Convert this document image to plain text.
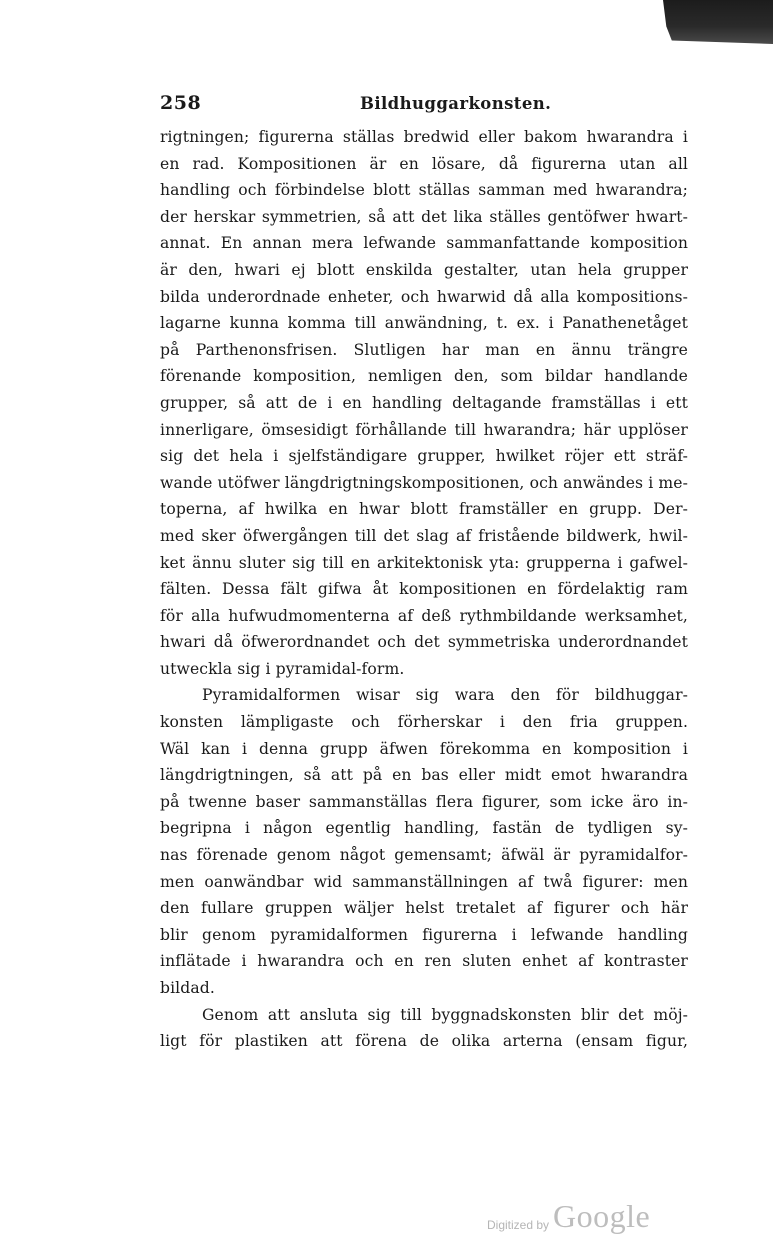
258	Bildhuggarkonsten.
rigtningen; figurerna ställas bredwid eller bakom hwarandra i
en rad. Kompositionen är en lösare, då figurerna utan all
handling och förbindelse blott ställas samman med hwarandra;
der herskar symmetrien, så att det lika ställes gentöfwer hwart-
annat. En annan mera lefwande sammanfattande komposition
är den, hwari ej blott enskilda gestalter, utan hela grupper
bilda underordnade enheter, och hwarwid då alla kompositions-
lagarne kunna komma till anwändning, t. ex. i Panathenetåget
på Parthenonsfrisen. Slutligen har man en ännu trängre
förenande komposition, nemligen den, som bildar handlande
grupper, så att de i en handling deltagande framställas i ett
innerligare, ömsesidigt förhållande till hwarandra; här upplöser
sig det hela i sjelfständigare grupper, hwilket röjer ett sträf-
wande utöfwer längdrigtningskompositionen, och anwändes i me-
toperna, af hwilka en hwar blott framställer en grupp. Der-
med sker öfwergången till det slag af fristående bildwerk, hwil-
ket ännu sluter sig till en arkitektonisk yta: grupperna i gafwel-
fälten. Dessa fält gifwa åt kompositionen en fördelaktig ram
för alla hufwudmomenterna af deß rythmbildande werksamhet,
hwari då öfwerordnandet och det symmetriska underordnandet
utweckla sig i pyramidal-form.
Pyramidalformen wisar sig wara den för bildhuggar-
konsten lämpligaste och förherskar i den fria gruppen.
Wäl kan i denna grupp äfwen förekomma en komposition i
längdrigtningen, så att på en bas eller midt emot hwarandra
på twenne baser sammanställas flera figurer, som icke äro in-
begripna i någon egentlig handling, fastän de tydligen sy-
nas förenade genom något gemensamt; äfwäl är pyramidalfor-
men oanwändbar wid sammanställningen af twå figurer: men
den fullare gruppen wäljer helst tretalet af figurer och här
blir genom pyramidalformen figurerna i lefwande handling
inflätade i hwarandra och en ren sluten enhet af kontraster
bildad.
Genom att ansluta sig till byggnadskonsten blir det möj-
ligt för plastiken att förena de olika arterna (ensam figur,
Digitized by Google
